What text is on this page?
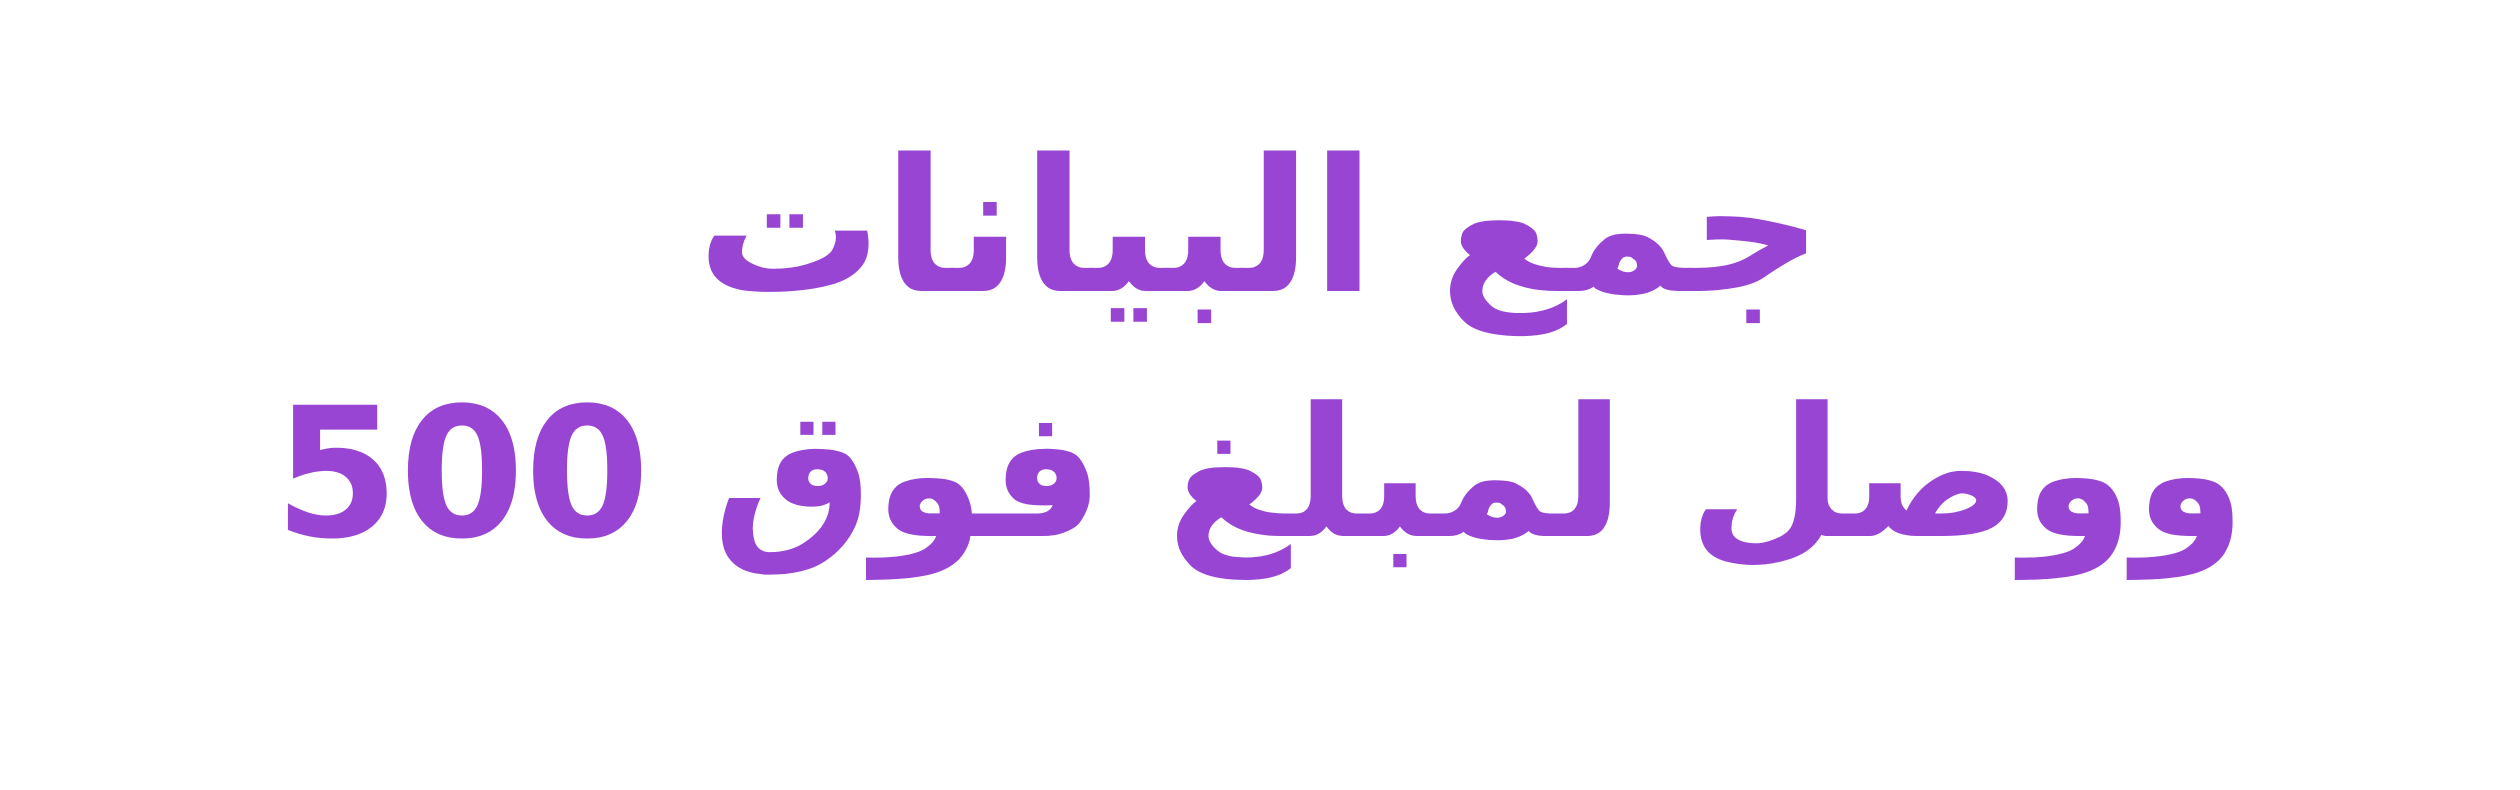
جمع البيانات
ووصل لمبلغ فوق 500
